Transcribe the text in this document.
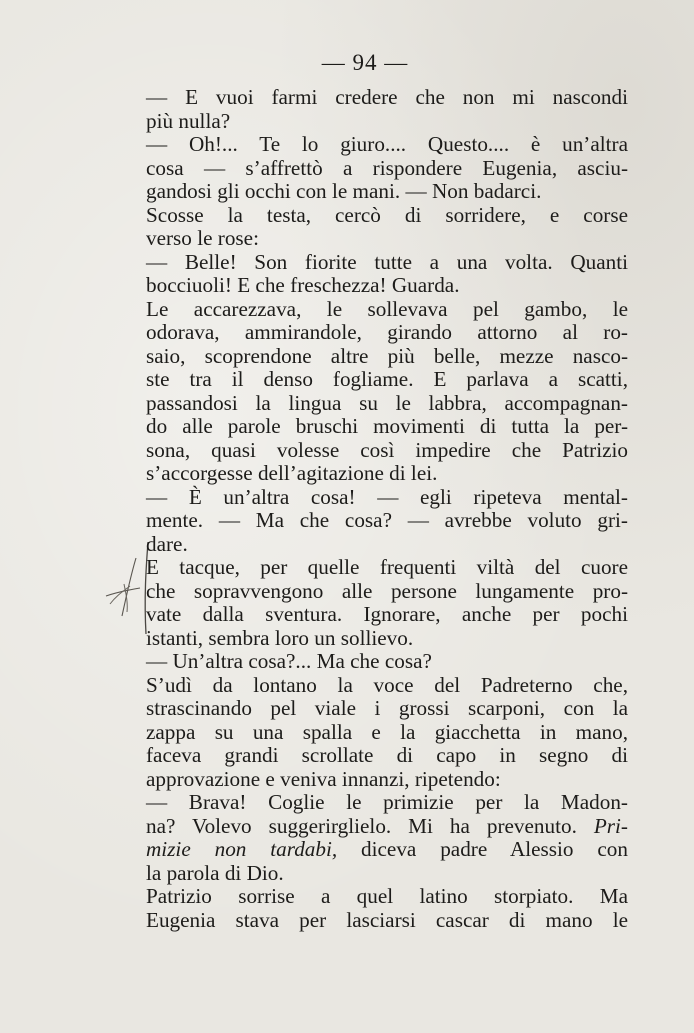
— 94 —
— E vuoi farmi credere che non mi nascondi
più nulla?
— Oh!... Te lo giuro.... Questo.... è un’altra
cosa — s’affrettò a rispondere Eugenia, asciu-
gandosi gli occhi con le mani. — Non badarci.
Scosse la testa, cercò di sorridere, e corse
verso le rose:
— Belle! Son fiorite tutte a una volta. Quanti
bocciuoli! E che freschezza! Guarda.
Le accarezzava, le sollevava pel gambo, le
odorava, ammirandole, girando attorno al ro-
saio, scoprendone altre più belle, mezze nasco-
ste tra il denso fogliame. E parlava a scatti,
passandosi la lingua su le labbra, accompagnan-
do alle parole bruschi movimenti di tutta la per-
sona, quasi volesse così impedire che Patrizio
s’accorgesse dell’agitazione di lei.
— È un’altra cosa! — egli ripeteva mental-
mente. — Ma che cosa? — avrebbe voluto gri-
dare.
E tacque, per quelle frequenti viltà del cuore
che sopravvengono alle persone lungamente pro-
vate dalla sventura. Ignorare, anche per pochi
istanti, sembra loro un sollievo.
— Un’altra cosa?... Ma che cosa?
S’udì da lontano la voce del Padreterno che,
strascinando pel viale i grossi scarponi, con la
zappa su una spalla e la giacchetta in mano,
faceva grandi scrollate di capo in segno di
approvazione e veniva innanzi, ripetendo:
— Brava! Coglie le primizie per la Madon-
na? Volevo suggerirglielo. Mi ha prevenuto. Pri-
mizie non tardabi, diceva padre Alessio con
la parola di Dio.
Patrizio sorrise a quel latino storpiato. Ma
Eugenia stava per lasciarsi cascar di mano le
